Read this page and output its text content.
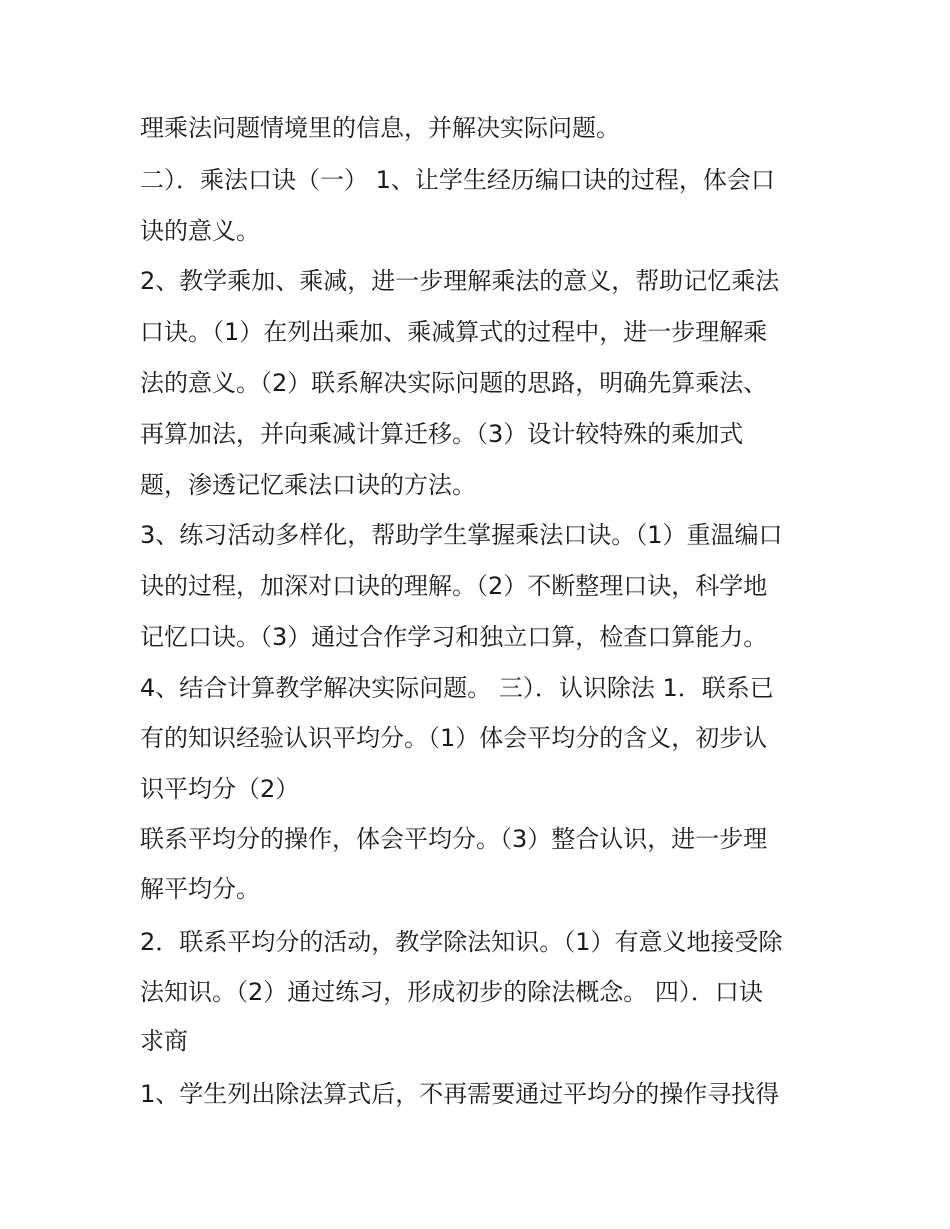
理乘法问题情境里的信息，并解决实际问题。

二）．乘法口诀（一） 1、让学生经历编口诀的过程，体会口

诀的意义。

2、教学乘加、乘减，进一步理解乘法的意义，帮助记忆乘法

口诀。（1）在列出乘加、乘减算式的过程中，进一步理解乘

法的意义。（2）联系解决实际问题的思路，明确先算乘法、

再算加法，并向乘减计算迁移。（3）设计较特殊的乘加式

题，渗透记忆乘法口诀的方法。

3、练习活动多样化，帮助学生掌握乘法口诀。（1）重温编口

诀的过程，加深对口诀的理解。（2）不断整理口诀，科学地

记忆口诀。（3）通过合作学习和独立口算，检查口算能力。

4、结合计算教学解决实际问题。 三）．认识除法 1．联系已

有的知识经验认识平均分。（1）体会平均分的含义，初步认

识平均分（2）

联系平均分的操作，体会平均分。（3）整合认识，进一步理

解平均分。

2．联系平均分的活动，教学除法知识。（1）有意义地接受除

法知识。（2）通过练习，形成初步的除法概念。 四）．口诀

求商

1、学生列出除法算式后，不再需要通过平均分的操作寻找得
